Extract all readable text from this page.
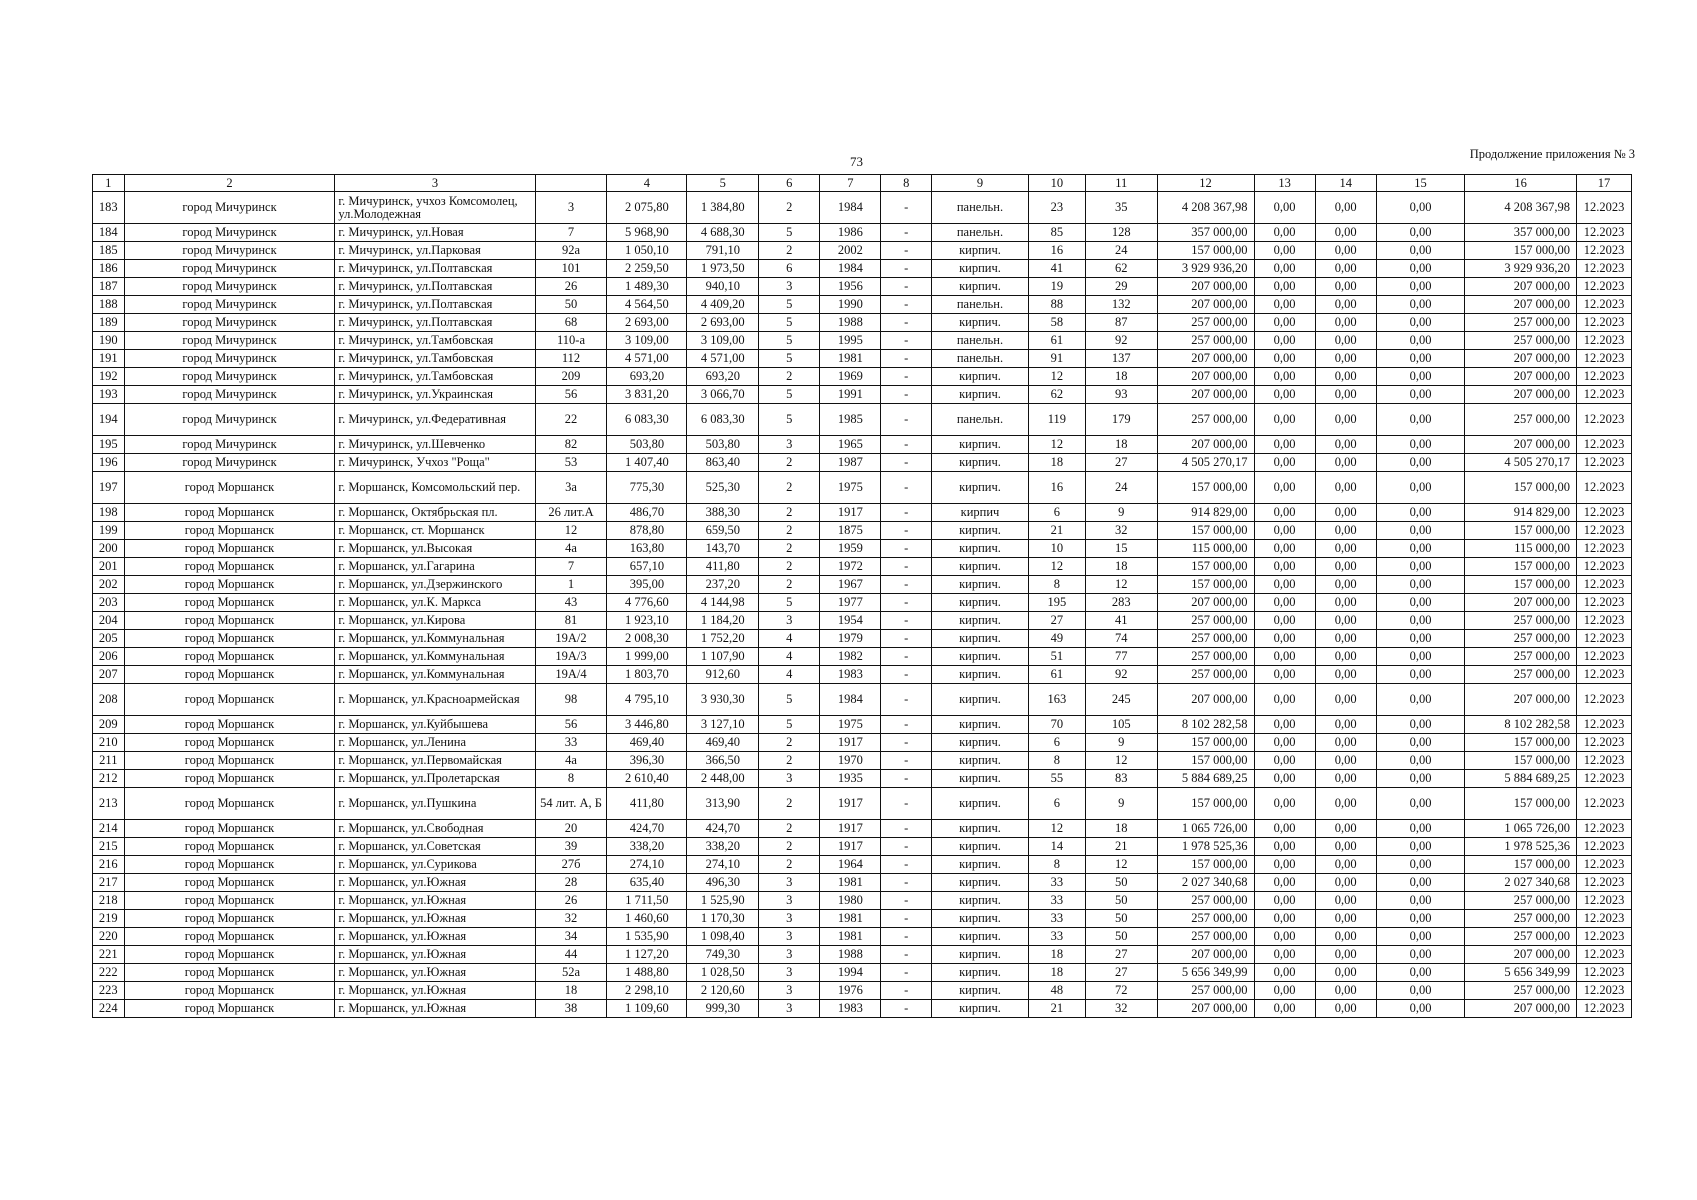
73	Продолжение приложения № 3
1	2	3		4	5	6	7	8	9	10	11	12	13	14	15	16	17
183	город Мичуринск	г. Мичуринск, учхоз Комсомолец, ул.Молодежная	3	2 075,80	1 384,80	2	1984	-	панельн.	23	35	4 208 367,98	0,00	0,00	0,00	4 208 367,98	12.2023
184	город Мичуринск	г. Мичуринск, ул.Новая	7	5 968,90	4 688,30	5	1986	-	панельн.	85	128	357 000,00	0,00	0,00	0,00	357 000,00	12.2023
185	город Мичуринск	г. Мичуринск, ул.Парковая	92а	1 050,10	791,10	2	2002	-	кирпич.	16	24	157 000,00	0,00	0,00	0,00	157 000,00	12.2023
186	город Мичуринск	г. Мичуринск, ул.Полтавская	101	2 259,50	1 973,50	6	1984	-	кирпич.	41	62	3 929 936,20	0,00	0,00	0,00	3 929 936,20	12.2023
187	город Мичуринск	г. Мичуринск, ул.Полтавская	26	1 489,30	940,10	3	1956	-	кирпич.	19	29	207 000,00	0,00	0,00	0,00	207 000,00	12.2023
188	город Мичуринск	г. Мичуринск, ул.Полтавская	50	4 564,50	4 409,20	5	1990	-	панельн.	88	132	207 000,00	0,00	0,00	0,00	207 000,00	12.2023
189	город Мичуринск	г. Мичуринск, ул.Полтавская	68	2 693,00	2 693,00	5	1988	-	кирпич.	58	87	257 000,00	0,00	0,00	0,00	257 000,00	12.2023
190	город Мичуринск	г. Мичуринск, ул.Тамбовская	110-а	3 109,00	3 109,00	5	1995	-	панельн.	61	92	257 000,00	0,00	0,00	0,00	257 000,00	12.2023
191	город Мичуринск	г. Мичуринск, ул.Тамбовская	112	4 571,00	4 571,00	5	1981	-	панельн.	91	137	207 000,00	0,00	0,00	0,00	207 000,00	12.2023
192	город Мичуринск	г. Мичуринск, ул.Тамбовская	209	693,20	693,20	2	1969	-	кирпич.	12	18	207 000,00	0,00	0,00	0,00	207 000,00	12.2023
193	город Мичуринск	г. Мичуринск, ул.Украинская	56	3 831,20	3 066,70	5	1991	-	кирпич.	62	93	207 000,00	0,00	0,00	0,00	207 000,00	12.2023
194	город Мичуринск	г. Мичуринск, ул.Федеративная	22	6 083,30	6 083,30	5	1985	-	панельн.	119	179	257 000,00	0,00	0,00	0,00	257 000,00	12.2023
195	город Мичуринск	г. Мичуринск, ул.Шевченко	82	503,80	503,80	3	1965	-	кирпич.	12	18	207 000,00	0,00	0,00	0,00	207 000,00	12.2023
196	город Мичуринск	г. Мичуринск, Учхоз "Роща"	53	1 407,40	863,40	2	1987	-	кирпич.	18	27	4 505 270,17	0,00	0,00	0,00	4 505 270,17	12.2023
197	город Моршанск	г. Моршанск, Комсомольский пер.	3а	775,30	525,30	2	1975	-	кирпич.	16	24	157 000,00	0,00	0,00	0,00	157 000,00	12.2023
198	город Моршанск	г. Моршанск, Октябрьская пл.	26 лит.А	486,70	388,30	2	1917	-	кирпич	6	9	914 829,00	0,00	0,00	0,00	914 829,00	12.2023
199	город Моршанск	г. Моршанск, ст. Моршанск	12	878,80	659,50	2	1875	-	кирпич.	21	32	157 000,00	0,00	0,00	0,00	157 000,00	12.2023
200	город Моршанск	г. Моршанск, ул.Высокая	4а	163,80	143,70	2	1959	-	кирпич.	10	15	115 000,00	0,00	0,00	0,00	115 000,00	12.2023
201	город Моршанск	г. Моршанск, ул.Гагарина	7	657,10	411,80	2	1972	-	кирпич.	12	18	157 000,00	0,00	0,00	0,00	157 000,00	12.2023
202	город Моршанск	г. Моршанск, ул.Дзержинского	1	395,00	237,20	2	1967	-	кирпич.	8	12	157 000,00	0,00	0,00	0,00	157 000,00	12.2023
203	город Моршанск	г. Моршанск, ул.К. Маркса	43	4 776,60	4 144,98	5	1977	-	кирпич.	195	283	207 000,00	0,00	0,00	0,00	207 000,00	12.2023
204	город Моршанск	г. Моршанск, ул.Кирова	81	1 923,10	1 184,20	3	1954	-	кирпич.	27	41	257 000,00	0,00	0,00	0,00	257 000,00	12.2023
205	город Моршанск	г. Моршанск, ул.Коммунальная	19А/2	2 008,30	1 752,20	4	1979	-	кирпич.	49	74	257 000,00	0,00	0,00	0,00	257 000,00	12.2023
206	город Моршанск	г. Моршанск, ул.Коммунальная	19А/3	1 999,00	1 107,90	4	1982	-	кирпич.	51	77	257 000,00	0,00	0,00	0,00	257 000,00	12.2023
207	город Моршанск	г. Моршанск, ул.Коммунальная	19А/4	1 803,70	912,60	4	1983	-	кирпич.	61	92	257 000,00	0,00	0,00	0,00	257 000,00	12.2023
208	город Моршанск	г. Моршанск, ул.Красноармейская	98	4 795,10	3 930,30	5	1984	-	кирпич.	163	245	207 000,00	0,00	0,00	0,00	207 000,00	12.2023
209	город Моршанск	г. Моршанск, ул.Куйбышева	56	3 446,80	3 127,10	5	1975	-	кирпич.	70	105	8 102 282,58	0,00	0,00	0,00	8 102 282,58	12.2023
210	город Моршанск	г. Моршанск, ул.Ленина	33	469,40	469,40	2	1917	-	кирпич.	6	9	157 000,00	0,00	0,00	0,00	157 000,00	12.2023
211	город Моршанск	г. Моршанск, ул.Первомайская	4а	396,30	366,50	2	1970	-	кирпич.	8	12	157 000,00	0,00	0,00	0,00	157 000,00	12.2023
212	город Моршанск	г. Моршанск, ул.Пролетарская	8	2 610,40	2 448,00	3	1935	-	кирпич.	55	83	5 884 689,25	0,00	0,00	0,00	5 884 689,25	12.2023
213	город Моршанск	г. Моршанск, ул.Пушкина	54 лит. А, Б	411,80	313,90	2	1917	-	кирпич.	6	9	157 000,00	0,00	0,00	0,00	157 000,00	12.2023
214	город Моршанск	г. Моршанск, ул.Свободная	20	424,70	424,70	2	1917	-	кирпич.	12	18	1 065 726,00	0,00	0,00	0,00	1 065 726,00	12.2023
215	город Моршанск	г. Моршанск, ул.Советская	39	338,20	338,20	2	1917	-	кирпич.	14	21	1 978 525,36	0,00	0,00	0,00	1 978 525,36	12.2023
216	город Моршанск	г. Моршанск, ул.Суриковa	27б	274,10	274,10	2	1964	-	кирпич.	8	12	157 000,00	0,00	0,00	0,00	157 000,00	12.2023
217	город Моршанск	г. Моршанск, ул.Южная	28	635,40	496,30	3	1981	-	кирпич.	33	50	2 027 340,68	0,00	0,00	0,00	2 027 340,68	12.2023
218	город Моршанск	г. Моршанск, ул.Южная	26	1 711,50	1 525,90	3	1980	-	кирпич.	33	50	257 000,00	0,00	0,00	0,00	257 000,00	12.2023
219	город Моршанск	г. Моршанск, ул.Южная	32	1 460,60	1 170,30	3	1981	-	кирпич.	33	50	257 000,00	0,00	0,00	0,00	257 000,00	12.2023
220	город Моршанск	г. Моршанск, ул.Южная	34	1 535,90	1 098,40	3	1981	-	кирпич.	33	50	257 000,00	0,00	0,00	0,00	257 000,00	12.2023
221	город Моршанск	г. Моршанск, ул.Южная	44	1 127,20	749,30	3	1988	-	кирпич.	18	27	207 000,00	0,00	0,00	0,00	207 000,00	12.2023
222	город Моршанск	г. Моршанск, ул.Южная	52а	1 488,80	1 028,50	3	1994	-	кирпич.	18	27	5 656 349,99	0,00	0,00	0,00	5 656 349,99	12.2023
223	город Моршанск	г. Моршанск, ул.Южная	18	2 298,10	2 120,60	3	1976	-	кирпич.	48	72	257 000,00	0,00	0,00	0,00	257 000,00	12.2023
224	город Моршанск	г. Моршанск, ул.Южная	38	1 109,60	999,30	3	1983	-	кирпич.	21	32	207 000,00	0,00	0,00	0,00	207 000,00	12.2023
